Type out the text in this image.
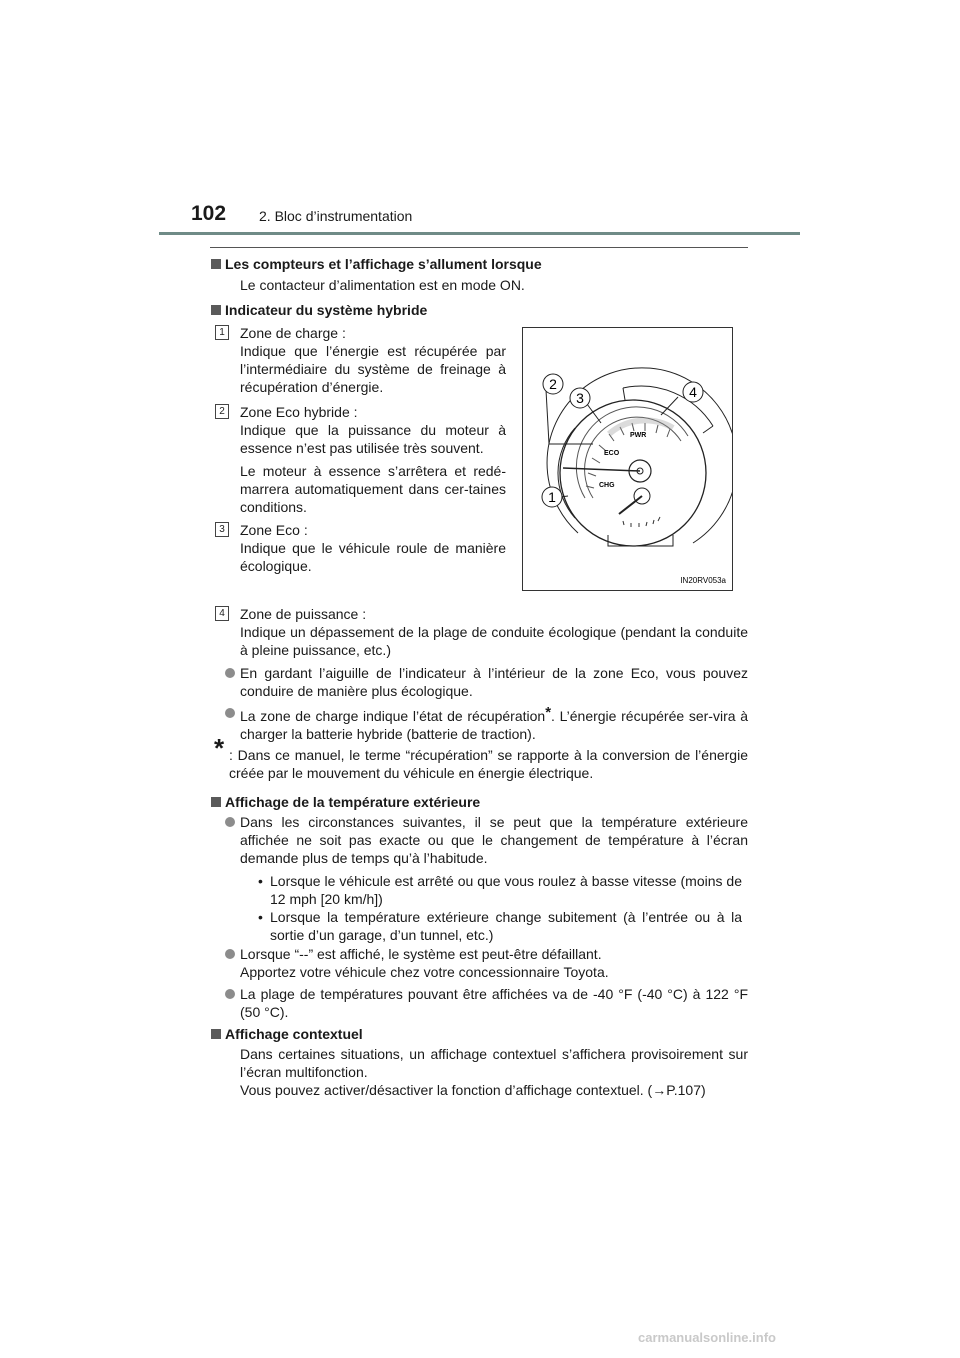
102 2. Bloc d’instrumentation
Les compteurs et l’affichage s’allument lorsque
Le contacteur d’alimentation est en mode ON.
Indicateur du système hybride
1	Zone de charge :
Indique que l’énergie est récupérée par l’intermédiaire du système de freinage à récupération d’énergie.
2	Zone Eco hybride :
Indique que la puissance du moteur à essence n’est pas utilisée très souvent.
Le moteur à essence s’arrêtera et redé-marrera automatiquement dans cer-taines conditions.
3	Zone Eco :
Indique que le véhicule roule de manière écologique.
2
3	4
1
ECO
PWR
CHG
IN20RV053a
4	Zone de puissance :
Indique un dépassement de la plage de conduite écologique (pendant la conduite à pleine puissance, etc.)
En gardant l’aiguille de l’indicateur à l’intérieur de la zone Eco, vous pouvez conduire de manière plus écologique.
La zone de charge indique l’état de récupération*. L’énergie récupérée ser-vira à charger la batterie hybride (batterie de traction).
* : Dans ce manuel, le terme “récupération” se rapporte à la conversion de l’énergie créée par le mouvement du véhicule en énergie électrique.
Affichage de la température extérieure
Dans les circonstances suivantes, il se peut que la température extérieure affichée ne soit pas exacte ou que le changement de température à l’écran demande plus de temps qu’à l’habitude.
• Lorsque le véhicule est arrêté ou que vous roulez à basse vitesse (moins de 12 mph [20 km/h])
• Lorsque la température extérieure change subitement (à l’entrée ou à la sortie d’un garage, d’un tunnel, etc.)
Lorsque “--” est affiché, le système est peut-être défaillant.
Apportez votre véhicule chez votre concessionnaire Toyota.
La plage de températures pouvant être affichées va de -40 °F (-40 °C) à 122 °F (50 °C).
Affichage contextuel
Dans certaines situations, un affichage contextuel s’affichera provisoirement sur l’écran multifonction.
Vous pouvez activer/désactiver la fonction d’affichage contextuel. (→P.107)
carmanualsonline.info
